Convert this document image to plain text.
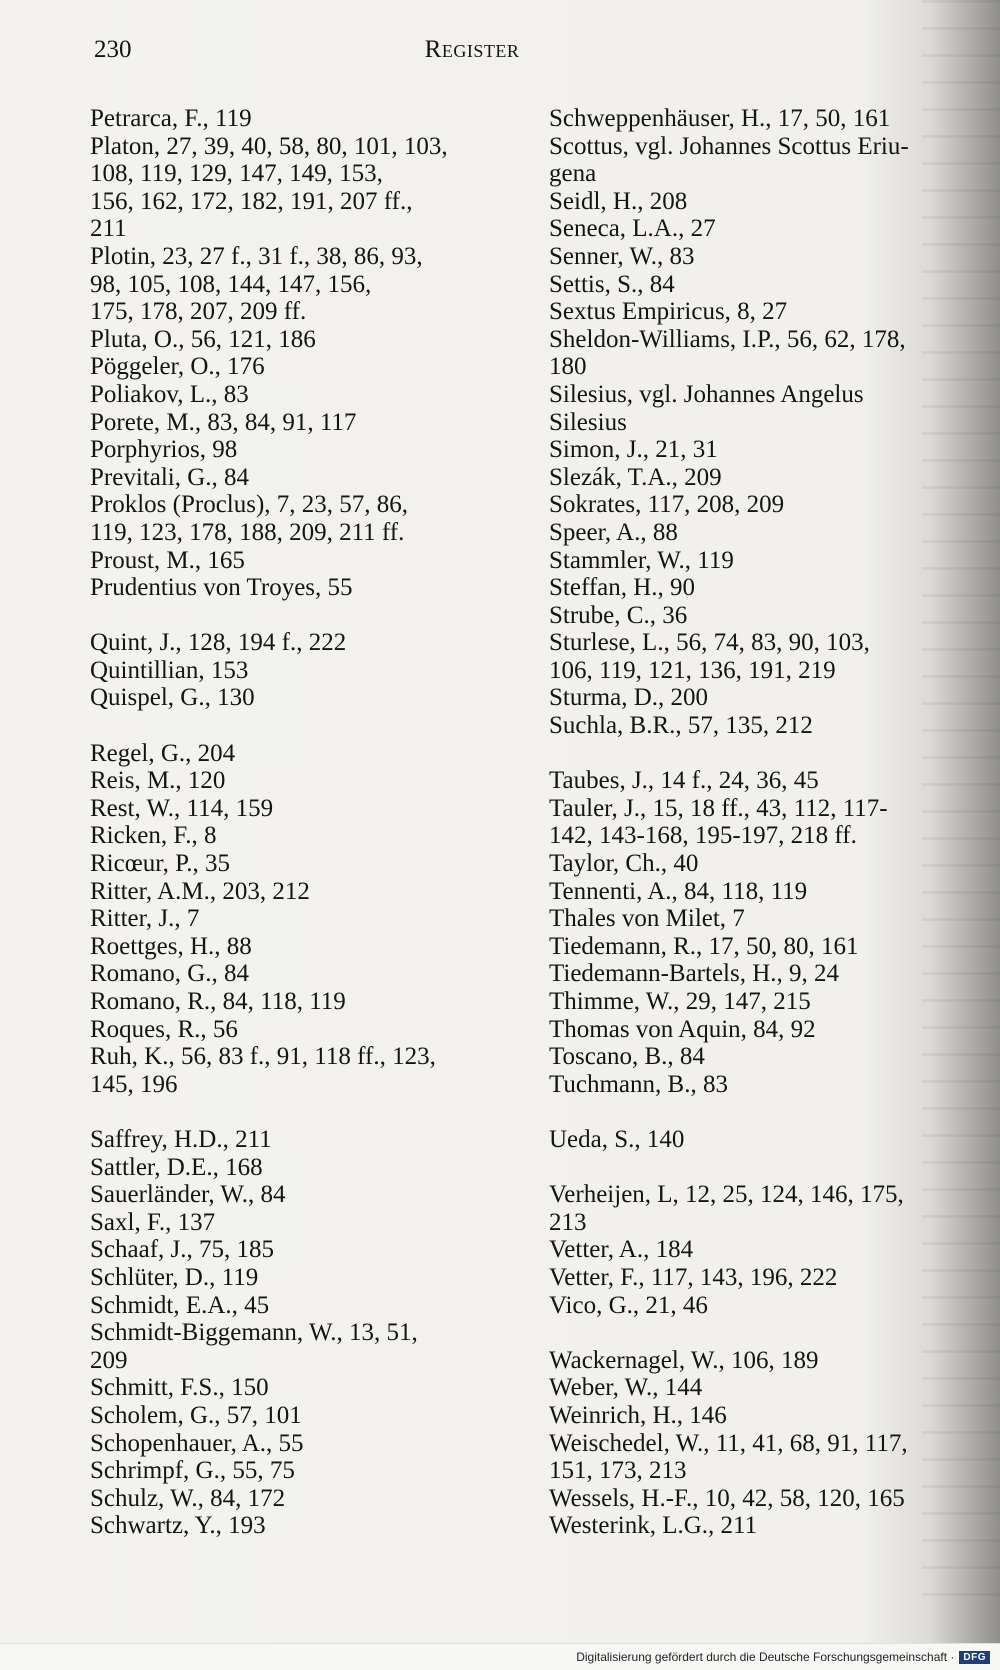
230	Register
Petrarca, F., 119
Platon, 27, 39, 40, 58, 80, 101, 103,
108, 119, 129, 147, 149, 153,
156, 162, 172, 182, 191, 207 ff.,
211
Plotin, 23, 27 f., 31 f., 38, 86, 93,
98, 105, 108, 144, 147, 156,
175, 178, 207, 209 ff.
Pluta, O., 56, 121, 186
Pöggeler, O., 176
Poliakov, L., 83
Porete, M., 83, 84, 91, 117
Porphyrios, 98
Previtali, G., 84
Proklos (Proclus), 7, 23, 57, 86,
119, 123, 178, 188, 209, 211 ff.
Proust, M., 165
Prudentius von Troyes, 55
Quint, J., 128, 194 f., 222
Quintillian, 153
Quispel, G., 130
Regel, G., 204
Reis, M., 120
Rest, W., 114, 159
Ricken, F., 8
Ricœur, P., 35
Ritter, A.M., 203, 212
Ritter, J., 7
Roettges, H., 88
Romano, G., 84
Romano, R., 84, 118, 119
Roques, R., 56
Ruh, K., 56, 83 f., 91, 118 ff., 123,
145, 196
Saffrey, H.D., 211
Sattler, D.E., 168
Sauerländer, W., 84
Saxl, F., 137
Schaaf, J., 75, 185
Schlüter, D., 119
Schmidt, E.A., 45
Schmidt-Biggemann, W., 13, 51,
209
Schmitt, F.S., 150
Scholem, G., 57, 101
Schopenhauer, A., 55
Schrimpf, G., 55, 75
Schulz, W., 84, 172
Schwartz, Y., 193
Schweppenhäuser, H., 17, 50, 161
Scottus, vgl. Johannes Scottus Eriu-
gena
Seidl, H., 208
Seneca, L.A., 27
Senner, W., 83
Settis, S., 84
Sextus Empiricus, 8, 27
Sheldon-Williams, I.P., 56, 62, 178,
180
Silesius, vgl. Johannes Angelus
Silesius
Simon, J., 21, 31
Slezák, T.A., 209
Sokrates, 117, 208, 209
Speer, A., 88
Stammler, W., 119
Steffan, H., 90
Strube, C., 36
Sturlese, L., 56, 74, 83, 90, 103,
106, 119, 121, 136, 191, 219
Sturma, D., 200
Suchla, B.R., 57, 135, 212
Taubes, J., 14 f., 24, 36, 45
Tauler, J., 15, 18 ff., 43, 112, 117-
142, 143-168, 195-197, 218 ff.
Taylor, Ch., 40
Tennenti, A., 84, 118, 119
Thales von Milet, 7
Tiedemann, R., 17, 50, 80, 161
Tiedemann-Bartels, H., 9, 24
Thimme, W., 29, 147, 215
Thomas von Aquin, 84, 92
Toscano, B., 84
Tuchmann, B., 83
Ueda, S., 140
Verheijen, L, 12, 25, 124, 146, 175,
213
Vetter, A., 184
Vetter, F., 117, 143, 196, 222
Vico, G., 21, 46
Wackernagel, W., 106, 189
Weber, W., 144
Weinrich, H., 146
Weischedel, W., 11, 41, 68, 91, 117,
151, 173, 213
Wessels, H.-F., 10, 42, 58, 120, 165
Westerink, L.G., 211
Digitalisierung gefördert durch die Deutsche Forschungsgemeinschaft · DFG
